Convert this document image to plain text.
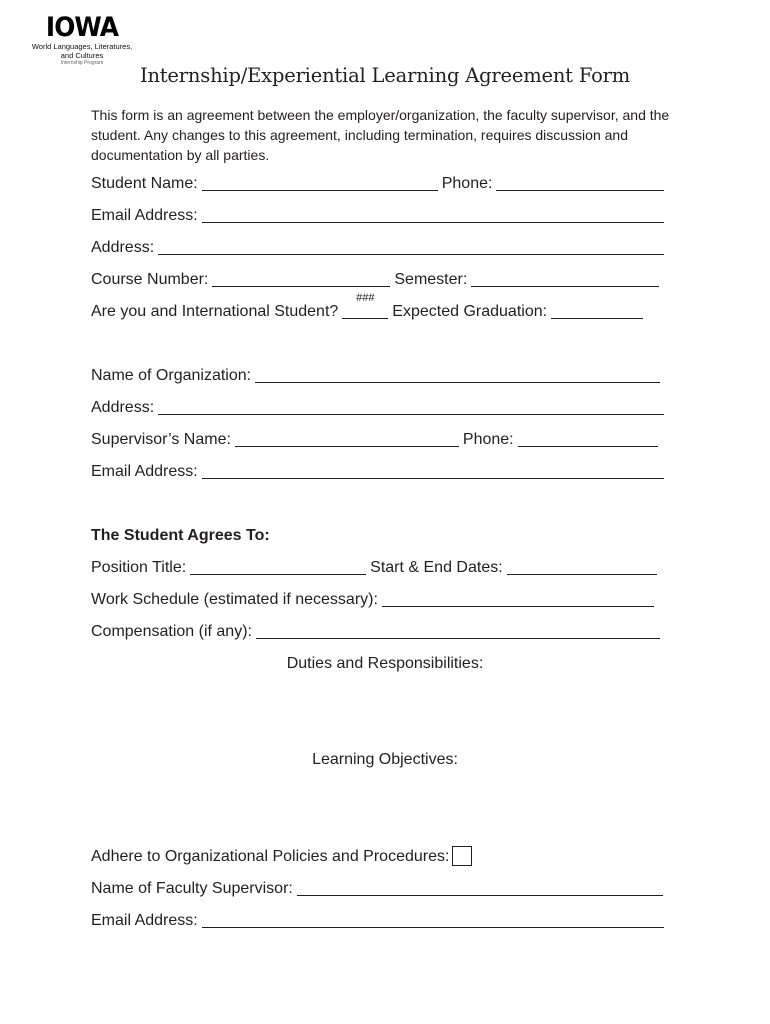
IOWA
World Languages, Literatures,
and Cultures
Internship Program
Internship/Experiential Learning Agreement Form

This form is an agreement between the employer/organization, the faculty supervisor, and the student. Any changes to this agreement, including termination, requires discussion and documentation by all parties.

Student Name:	Phone:
Email Address:
Address:
Course Number:	Semester:
Are you and International Student?
###
Expected Graduation:
Name of Organization:
Address:
Supervisor’s Name:	Phone:
Email Address:
The Student Agrees To:
Position Title:	Start & End Dates:
Work Schedule (estimated if necessary):
Compensation (if any):
Duties and Responsibilities:
Learning Objectives:
Adhere to Organizational Policies and Procedures:
Name of Faculty Supervisor:
Email Address:
